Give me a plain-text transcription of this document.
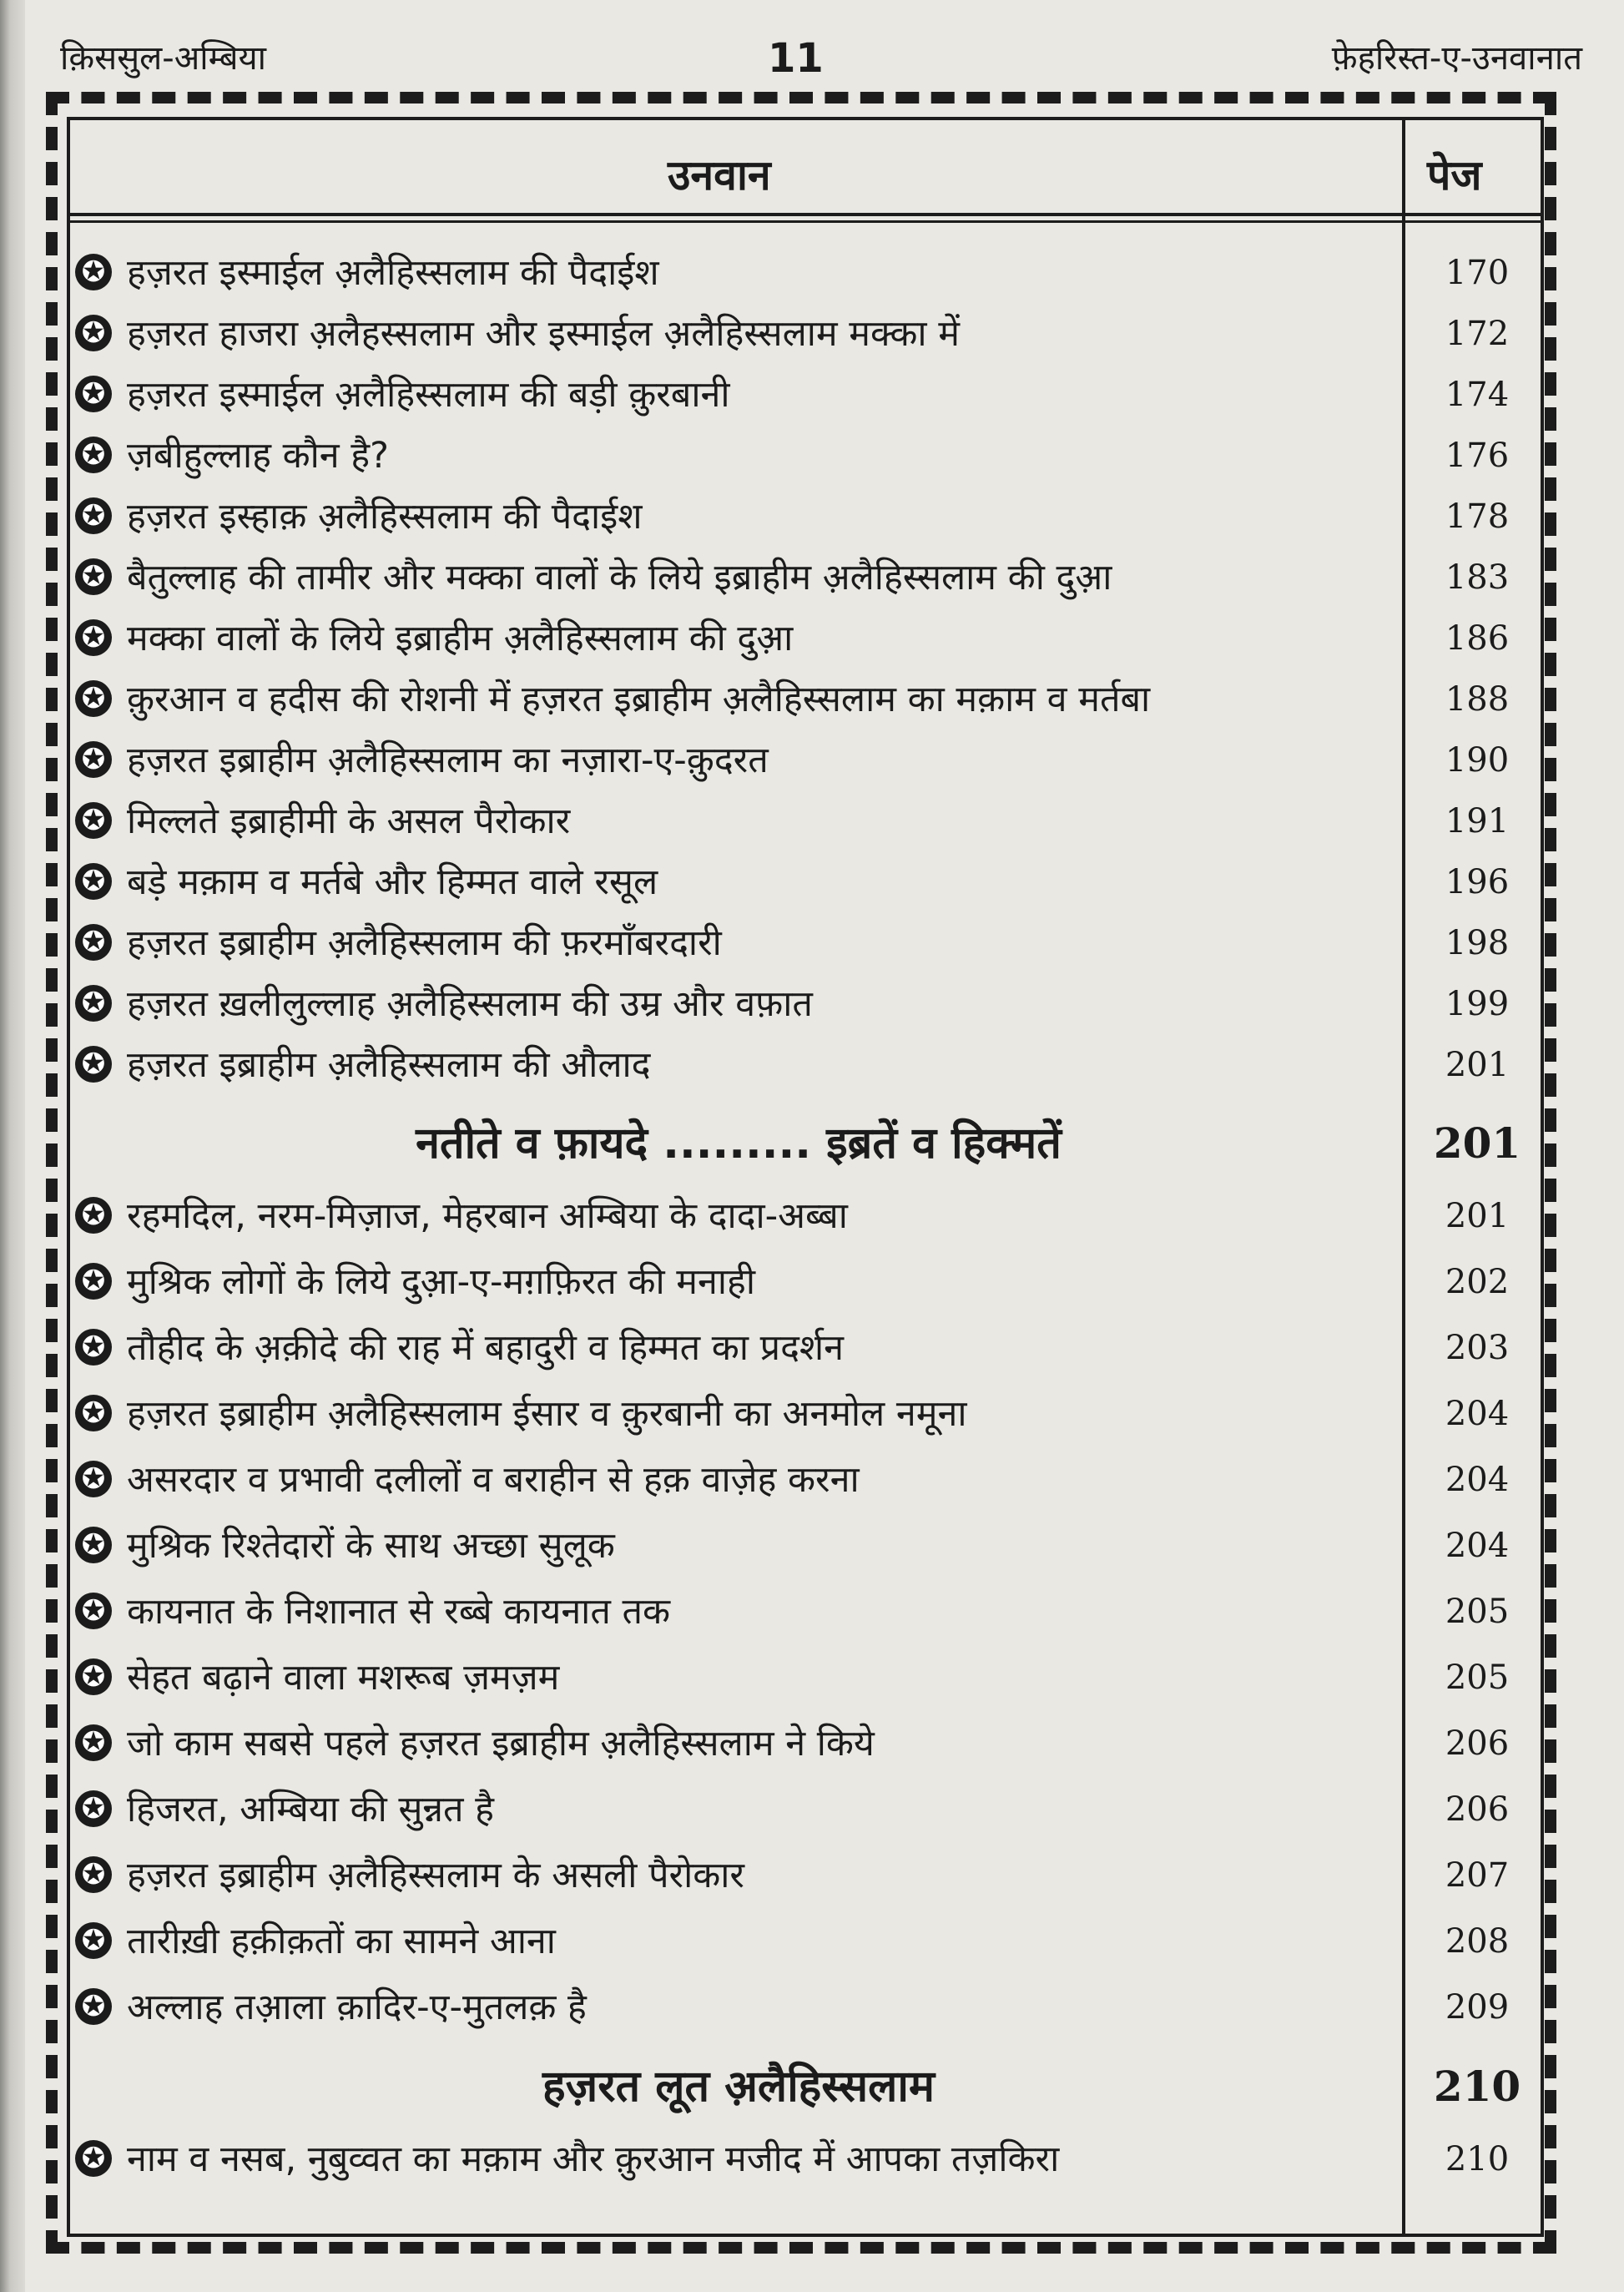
क़िससुल-अम्बिया	11	फ़ेहरिस्त-ए-उनवानात
उनवान	पेज
✪ हज़रत इस्माईल अ़लैहिस्सलाम की पैदाईश	170
✪ हज़रत हाजरा अ़लैहस्सलाम और इस्माईल अ़लैहिस्सलाम मक्का में	172
✪ हज़रत इस्माईल अ़लैहिस्सलाम की बड़ी क़ुरबानी	174
✪ ज़बीहुल्लाह कौन है?	176
✪ हज़रत इस्हाक़ अ़लैहिस्सलाम की पैदाईश	178
✪ बैतुल्लाह की तामीर और मक्का वालों के लिये इब्राहीम अ़लैहिस्सलाम की दुआ़	183
✪ मक्का वालों के लिये इब्राहीम अ़लैहिस्सलाम की दुआ़	186
✪ क़ुरआन व हदीस की रोशनी में हज़रत इब्राहीम अ़लैहिस्सलाम का मक़ाम व मर्तबा	188
✪ हज़रत इब्राहीम अ़लैहिस्सलाम का नज़ारा-ए-क़ुदरत	190
✪ मिल्लते इब्राहीमी के असल पैरोकार	191
✪ बड़े मक़ाम व मर्तबे और हिम्मत वाले रसूल	196
✪ हज़रत इब्राहीम अ़लैहिस्सलाम की फ़रमाँबरदारी	198
✪ हज़रत ख़लीलुल्लाह अ़लैहिस्सलाम की उम्र और वफ़ात	199
✪ हज़रत इब्राहीम अ़लैहिस्सलाम की औलाद	201
नतीते व फ़ायदे ......... इब्रतें व हिक्मतें	201
✪ रहमदिल, नरम-मिज़ाज, मेहरबान अम्बिया के दादा-अब्बा	201
✪ मुश्रिक लोगों के लिये दुआ़-ए-मग़फ़िरत की मनाही	202
✪ तौहीद के अ़क़ीदे की राह में बहादुरी व हिम्मत का प्रदर्शन	203
✪ हज़रत इब्राहीम अ़लैहिस्सलाम ईसार व क़ुरबानी का अनमोल नमूना	204
✪ असरदार व प्रभावी दलीलों व बराहीन से हक़ वाज़ेह करना	204
✪ मुश्रिक रिश्तेदारों के साथ अच्छा सुलूक	204
✪ कायनात के निशानात से रब्बे कायनात तक	205
✪ सेहत बढ़ाने वाला मशरूब ज़मज़म	205
✪ जो काम सबसे पहले हज़रत इब्राहीम अ़लैहिस्सलाम ने किये	206
✪ हिजरत, अम्बिया की सुन्नत है	206
✪ हज़रत इब्राहीम अ़लैहिस्सलाम के असली पैरोकार	207
✪ तारीख़ी हक़ीक़तों का सामने आना	208
✪ अल्लाह तआ़ला क़ादिर-ए-मुतलक़ है	209
हज़रत लूत अ़लैहिस्सलाम	210
✪ नाम व नसब, नुबुव्वत का मक़ाम और क़ुरआन मजीद में आपका तज़किरा	210
